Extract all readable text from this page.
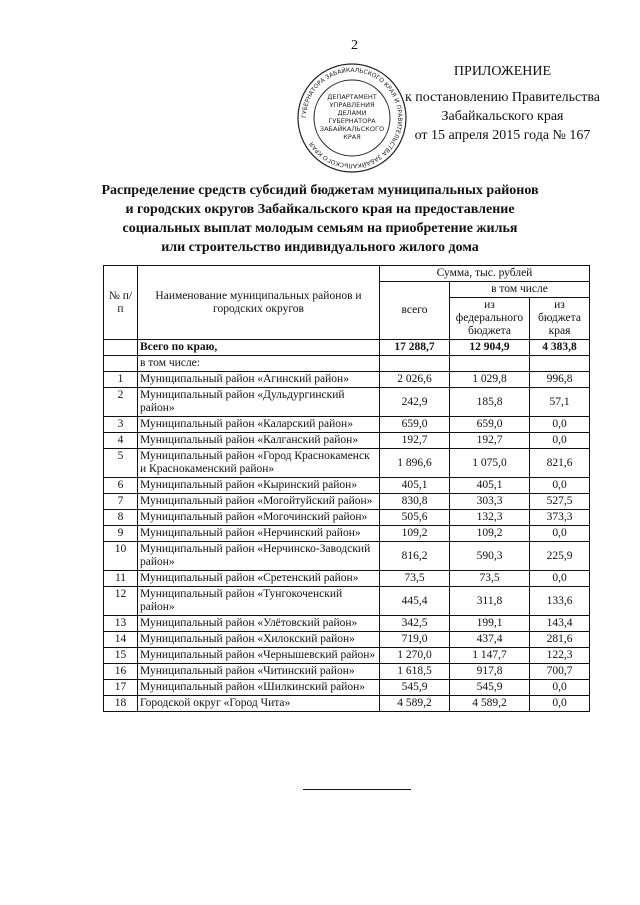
2
ГУБЕРНАТОРА ЗАБАЙКАЛЬСКОГО КРАЯ И ПРАВИТЕЛЬСТВА ЗАБАЙКАЛЬСКОГО КРАЯ
ДЕПАРТАМЕНТ
УПРАВЛЕНИЯ
ДЕЛАМИ
ГУБЕРНАТОРА
ЗАБАЙКАЛЬСКОГО
КРАЯ
ПРИЛОЖЕНИЕ
к постановлению Правительства
Забайкальского края
от 15 апреля 2015 года № 167
Распределение средств субсидий бюджетам муниципальных районов
и городских округов Забайкальского края на предоставление
социальных выплат молодым семьям на приобретение жилья
или строительство индивидуального жилого дома
№ п/п	Наименование муниципальных районов и городских округов	Сумма, тыс. рублей		
		всего	в том числе	
			из федерального бюджета	из бюджета края
	Всего по краю,	17 288,7	12 904,9	4 383,8
	в том числе:			
1	Муниципальный район «Агинский район»	2 026,6	1 029,8	996,8
2	Муниципальный район «Дульдургинский район»	242,9	185,8	57,1
3	Муниципальный район «Каларский район»	659,0	659,0	0,0
4	Муниципальный район «Калганский район»	192,7	192,7	0,0
5	Муниципальный район «Город Краснокаменск и Краснокаменский район»	1 896,6	1 075,0	821,6
6	Муниципальный район «Кыринский район»	405,1	405,1	0,0
7	Муниципальный район «Могойтуйский район»	830,8	303,3	527,5
8	Муниципальный район «Могочинский район»	505,6	132,3	373,3
9	Муниципальный район «Нерчинский район»	109,2	109,2	0,0
10	Муниципальный район «Нерчинско-Заводский район»	816,2	590,3	225,9
11	Муниципальный район «Сретенский район»	73,5	73,5	0,0
12	Муниципальный район «Тунгокоченский район»	445,4	311,8	133,6
13	Муниципальный район «Улётовский район»	342,5	199,1	143,4
14	Муниципальный район «Хилокский район»	719,0	437,4	281,6
15	Муниципальный район «Чернышевский район»	1 270,0	1 147,7	122,3
16	Муниципальный район «Читинский район»	1 618,5	917,8	700,7
17	Муниципальный район «Шилкинский район»	545,9	545,9	0,0
18	Городской округ «Город Чита»	4 589,2	4 589,2	0,0
